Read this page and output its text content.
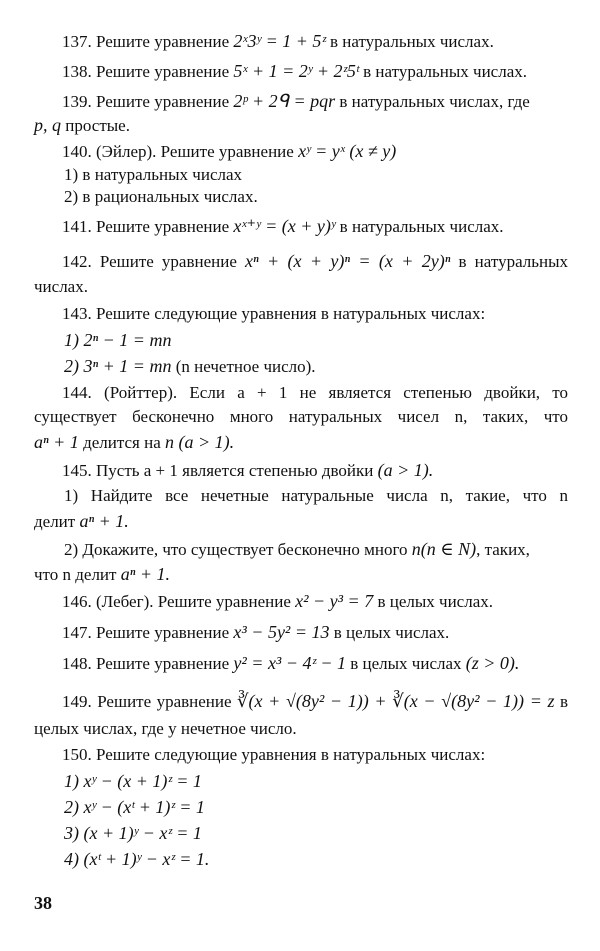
137. Решите уравнение 2ˣ3ʸ = 1 + 5ᶻ в натуральных числах.
138. Решите уравнение 5ˣ + 1 = 2ʸ + 2ᶻ5ᵗ в натуральных числах.
139. Решите уравнение 2ᵖ + 2ᑫ = pqr в натуральных числах, где
p, q простые.
140. (Эйлер). Решите уравнение xʸ = yˣ (x ≠ y)
1) в натуральных числах
2) в рациональных числах.
141. Решите уравнение xˣ⁺ʸ = (x + y)ʸ в натуральных числах.
142. Решите уравнение xⁿ + (x + y)ⁿ = (x + 2y)ⁿ в натуральных
числах.
143. Решите следующие уравнения в натуральных числах:
1) 2ⁿ − 1 = mn
2) 3ⁿ + 1 = mn (n нечетное число).
144. (Ройттер). Если a + 1 не является степенью двойки, то
существует бесконечно много натуральных чисел n, таких, что
aⁿ + 1 делится на n (a > 1).
145. Пусть a + 1 является степенью двойки (a > 1).
1) Найдите все нечетные натуральные числа n, такие, что n
делит aⁿ + 1.
2) Докажите, что существует бесконечно много n(n ∈ N), таких,
что n делит aⁿ + 1.
146. (Лебег). Решите уравнение x² − y³ = 7 в целых числах.
147. Решите уравнение x³ − 5y² = 13 в целых числах.
148. Решите уравнение y² = x³ − 4ᶻ − 1 в целых числах (z > 0).
149. Решите уравнение ∛(x + √(8y² − 1)) + ∛(x − √(8y² − 1)) = z в
целых числах, где y нечетное число.
150. Решите следующие уравнения в натуральных числах:
1) xʸ − (x + 1)ᶻ = 1
2) xʸ − (xᵗ + 1)ᶻ = 1
3) (x + 1)ʸ − xᶻ = 1
4) (xᵗ + 1)ʸ − xᶻ = 1.
38
